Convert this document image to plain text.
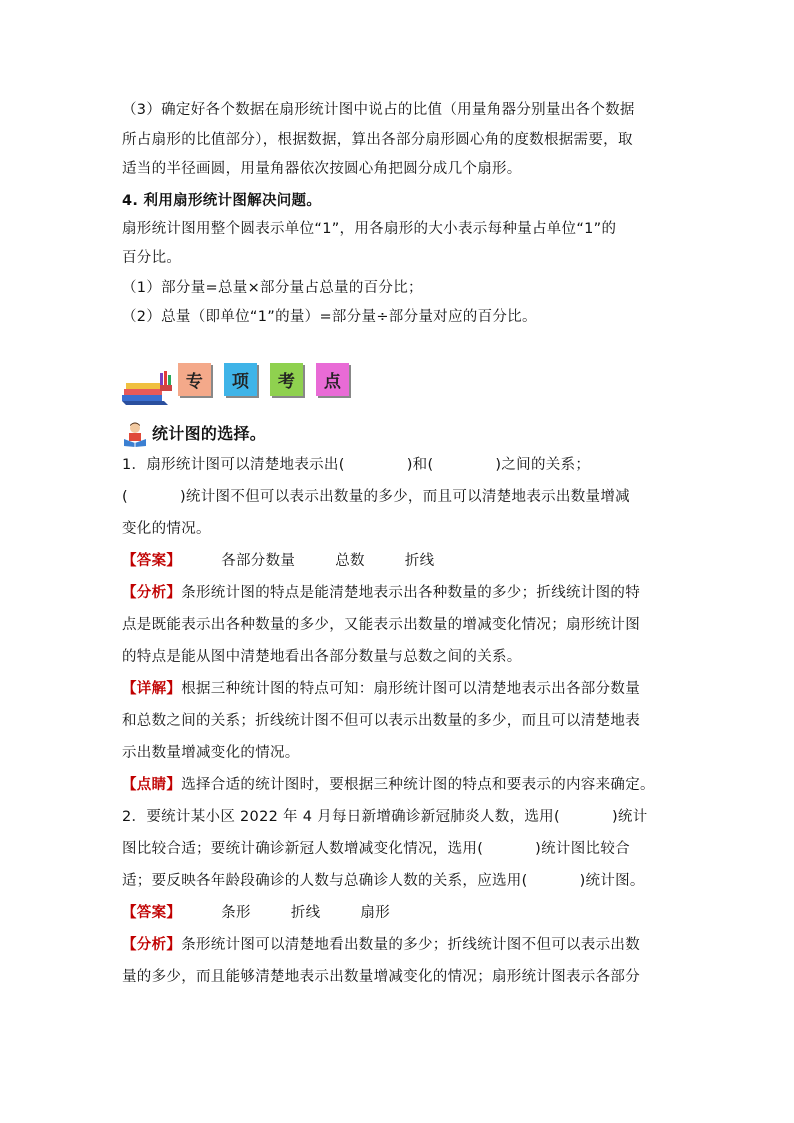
（3）确定好各个数据在扇形统计图中说占的比值（用量角器分别量出各个数据
所占扇形的比值部分），根据数据，算出各部分扇形圆心角的度数根据需要，取
适当的半径画圆，用量角器依次按圆心角把圆分成几个扇形。
4. 利用扇形统计图解决问题。
扇形统计图用整个圆表示单位“1”，用各扇形的大小表示每种量占单位“1”的
百分比。
（1）部分量=总量×部分量占总量的百分比；
（2）总量（即单位“1”的量）=部分量÷部分量对应的百分比。
专 项 考 点
统计图的选择。
1．扇形统计图可以清楚地表示出(	)和(	)之间的关系；
(	)统计图不但可以表示出数量的多少，而且可以清楚地表示出数量增减
变化的情况。
【答案】	各部分数量	总数	折线
【分析】条形统计图的特点是能清楚地表示出各种数量的多少；折线统计图的特
点是既能表示出各种数量的多少，又能表示出数量的增减变化情况；扇形统计图
的特点是能从图中清楚地看出各部分数量与总数之间的关系。
【详解】根据三种统计图的特点可知：扇形统计图可以清楚地表示出各部分数量
和总数之间的关系；折线统计图不但可以表示出数量的多少，而且可以清楚地表
示出数量增减变化的情况。
【点睛】选择合适的统计图时，要根据三种统计图的特点和要表示的内容来确定。
2．要统计某小区 2022 年 4 月每日新增确诊新冠肺炎人数，选用(	)统计
图比较合适；要统计确诊新冠人数增减变化情况，选用(	)统计图比较合
适；要反映各年龄段确诊的人数与总确诊人数的关系，应选用(	)统计图。
【答案】	条形	折线	扇形
【分析】条形统计图可以清楚地看出数量的多少；折线统计图不但可以表示出数
量的多少，而且能够清楚地表示出数量增减变化的情况；扇形统计图表示各部分
